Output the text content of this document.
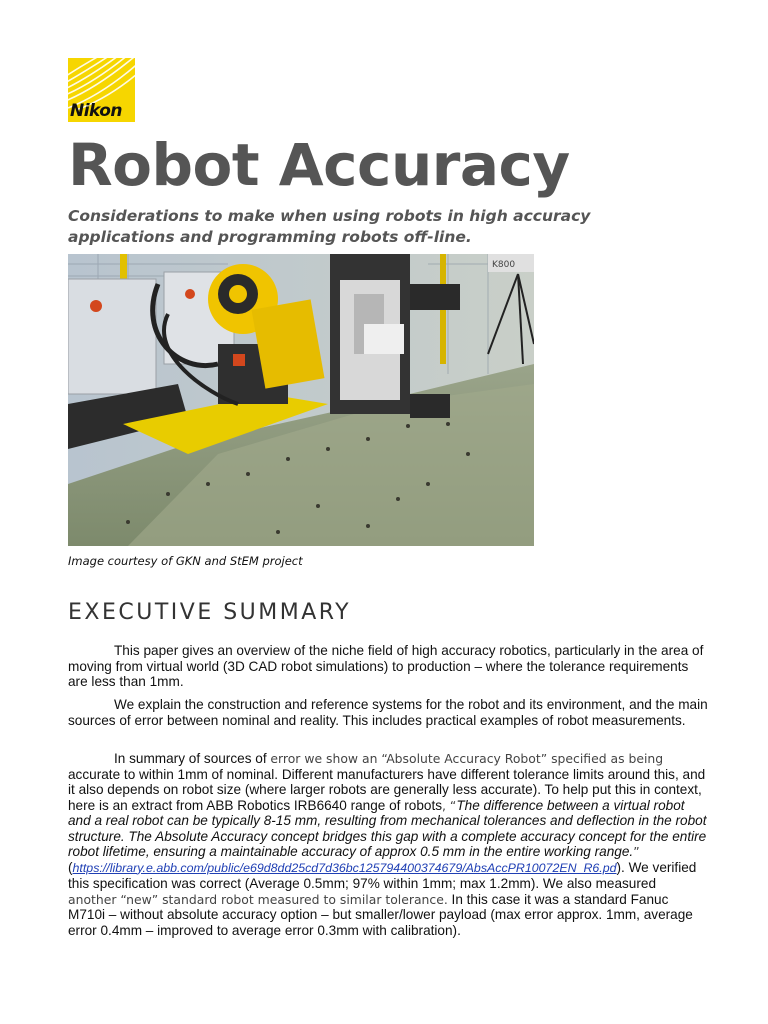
Nikon
Robot Accuracy

Considerations to make when using robots in high accuracy applications and programming robots off-line.

K800
Image courtesy of GKN and StEM project
EXECUTIVE SUMMARY

This paper gives an overview of the niche field of high accuracy robotics, particularly in the area of moving from virtual world (3D CAD robot simulations) to production – where the tolerance requirements are less than 1mm.

We explain the construction and reference systems for the robot and its environment, and the main sources of error between nominal and reality. This includes practical examples of robot measurements.

In summary of sources of error we show an “Absolute Accuracy Robot” specified as being accurate to within 1mm of nominal. Different manufacturers have different tolerance limits around this, and it also depends on robot size (where larger robots are generally less accurate). To help put this in context, here is an extract from ABB Robotics IRB6640 range of robots, “The difference between a virtual robot and a real robot can be typically 8-15 mm, resulting from mechanical tolerances and deflection in the robot structure. The Absolute Accuracy concept bridges this gap with a complete accuracy concept for the entire robot lifetime, ensuring a maintainable accuracy of approx 0.5 mm in the entire working range.” (https://library.e.abb.com/public/e69d8dd25cd7d36bc125794400374679/AbsAccPR10072EN_R6.pd). We verified this specification was correct (Average 0.5mm; 97% within 1mm; max 1.2mm). We also measured another “new” standard robot measured to similar tolerance. In this case it was a standard Fanuc M710i – without absolute accuracy option – but smaller/lower payload (max error approx. 1mm, average error 0.4mm – improved to average error 0.3mm with calibration).
